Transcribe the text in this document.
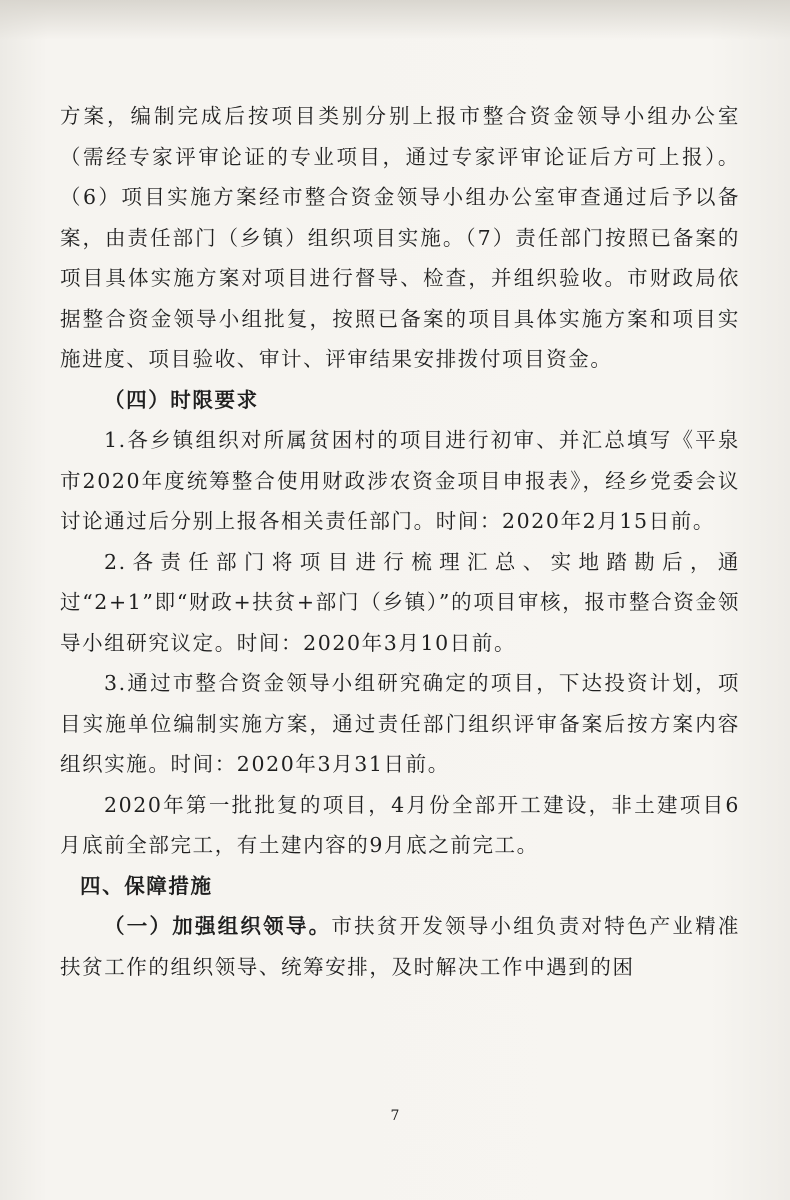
方案，编制完成后按项目类别分别上报市整合资金领导小组办公室（需经专家评审论证的专业项目，通过专家评审论证后方可上报）。（6）项目实施方案经市整合资金领导小组办公室审查通过后予以备案，由责任部门（乡镇）组织项目实施。（7）责任部门按照已备案的项目具体实施方案对项目进行督导、检查，并组织验收。市财政局依据整合资金领导小组批复，按照已备案的项目具体实施方案和项目实施进度、项目验收、审计、评审结果安排拨付项目资金。

（四）时限要求

1.各乡镇组织对所属贫困村的项目进行初审、并汇总填写《平泉市2020年度统筹整合使用财政涉农资金项目申报表》，经乡党委会议讨论通过后分别上报各相关责任部门。时间：2020年2月15日前。

2.各责任部门将项目进行梳理汇总、实地踏勘后，通过“2+1”即“财政+扶贫+部门（乡镇）”的项目审核，报市整合资金领导小组研究议定。时间：2020年3月10日前。

3.通过市整合资金领导小组研究确定的项目，下达投资计划，项目实施单位编制实施方案，通过责任部门组织评审备案后按方案内容组织实施。时间：2020年3月31日前。

2020年第一批批复的项目，4月份全部开工建设，非土建项目6月底前全部完工，有土建内容的9月底之前完工。

四、保障措施

（一）加强组织领导。市扶贫开发领导小组负责对特色产业精准扶贫工作的组织领导、统筹安排，及时解决工作中遇到的困

7
